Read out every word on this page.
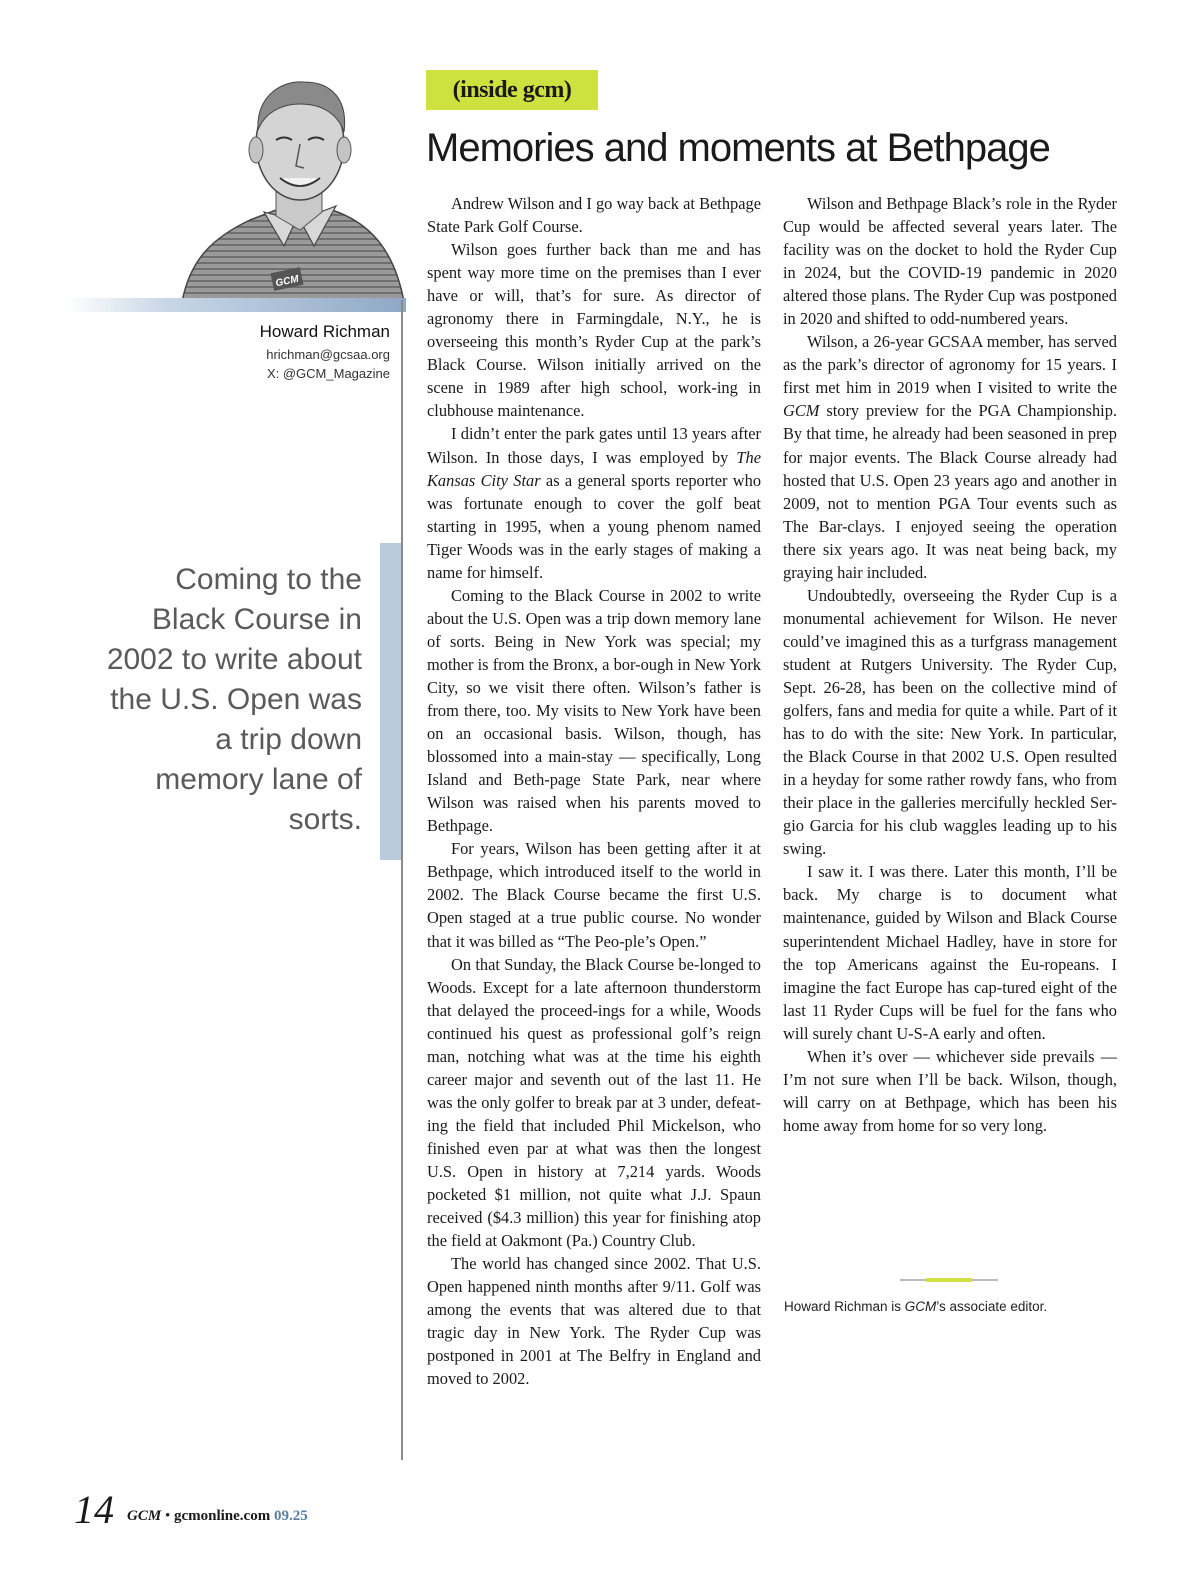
GCM
Howard Richman
hrichman@gcsaa.org
X: @GCM_Magazine
Coming to the Black Course in 2002 to write about the U.S. Open was a trip down memory lane of sorts.
(inside gcm)
Memories and moments at Bethpage

Andrew Wilson and I go way back at Bethpage State Park Golf Course.

Wilson goes further back than me and has spent way more time on the premises than I ever have or will, that’s for sure. As director of agronomy there in Farmingdale, N.Y., he is overseeing this month’s Ryder Cup at the park’s Black Course. Wilson initially arrived on the scene in 1989 after high school, work-ing in clubhouse maintenance.

I didn’t enter the park gates until 13 years after Wilson. In those days, I was employed by The Kansas City Star as a general sports reporter who was fortunate enough to cover the golf beat starting in 1995, when a young phenom named Tiger Woods was in the early stages of making a name for himself.

Coming to the Black Course in 2002 to write about the U.S. Open was a trip down memory lane of sorts. Being in New York was special; my mother is from the Bronx, a bor-ough in New York City, so we visit there often. Wilson’s father is from there, too. My visits to New York have been on an occasional basis. Wilson, though, has blossomed into a main-stay — specifically, Long Island and Beth-page State Park, near where Wilson was raised when his parents moved to Bethpage.

For years, Wilson has been getting after it at Bethpage, which introduced itself to the world in 2002. The Black Course became the first U.S. Open staged at a true public course. No wonder that it was billed as “The Peo-ple’s Open.”

On that Sunday, the Black Course be-longed to Woods. Except for a late afternoon thunderstorm that delayed the proceed-ings for a while, Woods continued his quest as professional golf’s reign man, notching what was at the time his eighth career major and seventh out of the last 11. He was the only golfer to break par at 3 under, defeat-ing the field that included Phil Mickelson, who finished even par at what was then the longest U.S. Open in history at 7,214 yards. Woods pocketed $1 million, not quite what J.J. Spaun received ($4.3 million) this year for finishing atop the field at Oakmont (Pa.) Country Club.

The world has changed since 2002. That U.S. Open happened ninth months after 9/11. Golf was among the events that was altered due to that tragic day in New York. The Ryder Cup was postponed in 2001 at The Belfry in England and moved to 2002.

Wilson and Bethpage Black’s role in the Ryder Cup would be affected several years later. The facility was on the docket to hold the Ryder Cup in 2024, but the COVID-19 pandemic in 2020 altered those plans. The Ryder Cup was postponed in 2020 and shifted to odd-numbered years.

Wilson, a 26-year GCSAA member, has served as the park’s director of agronomy for 15 years. I first met him in 2019 when I visited to write the GCM story preview for the PGA Championship. By that time, he already had been seasoned in prep for major events. The Black Course already had hosted that U.S. Open 23 years ago and another in 2009, not to mention PGA Tour events such as The Bar-clays. I enjoyed seeing the operation there six years ago. It was neat being back, my graying hair included.

Undoubtedly, overseeing the Ryder Cup is a monumental achievement for Wilson. He never could’ve imagined this as a turfgrass management student at Rutgers University. The Ryder Cup, Sept. 26-28, has been on the collective mind of golfers, fans and media for quite a while. Part of it has to do with the site: New York. In particular, the Black Course in that 2002 U.S. Open resulted in a heyday for some rather rowdy fans, who from their place in the galleries mercifully heckled Ser-gio Garcia for his club waggles leading up to his swing.

I saw it. I was there. Later this month, I’ll be back. My charge is to document what maintenance, guided by Wilson and Black Course superintendent Michael Hadley, have in store for the top Americans against the Eu-ropeans. I imagine the fact Europe has cap-tured eight of the last 11 Ryder Cups will be fuel for the fans who will surely chant U-S-A early and often.

When it’s over — whichever side prevails — I’m not sure when I’ll be back. Wilson, though, will carry on at Bethpage, which has been his home away from home for so very long.

Howard Richman is GCM’s associate editor.
14 GCM • gcmonline.com 09.25
